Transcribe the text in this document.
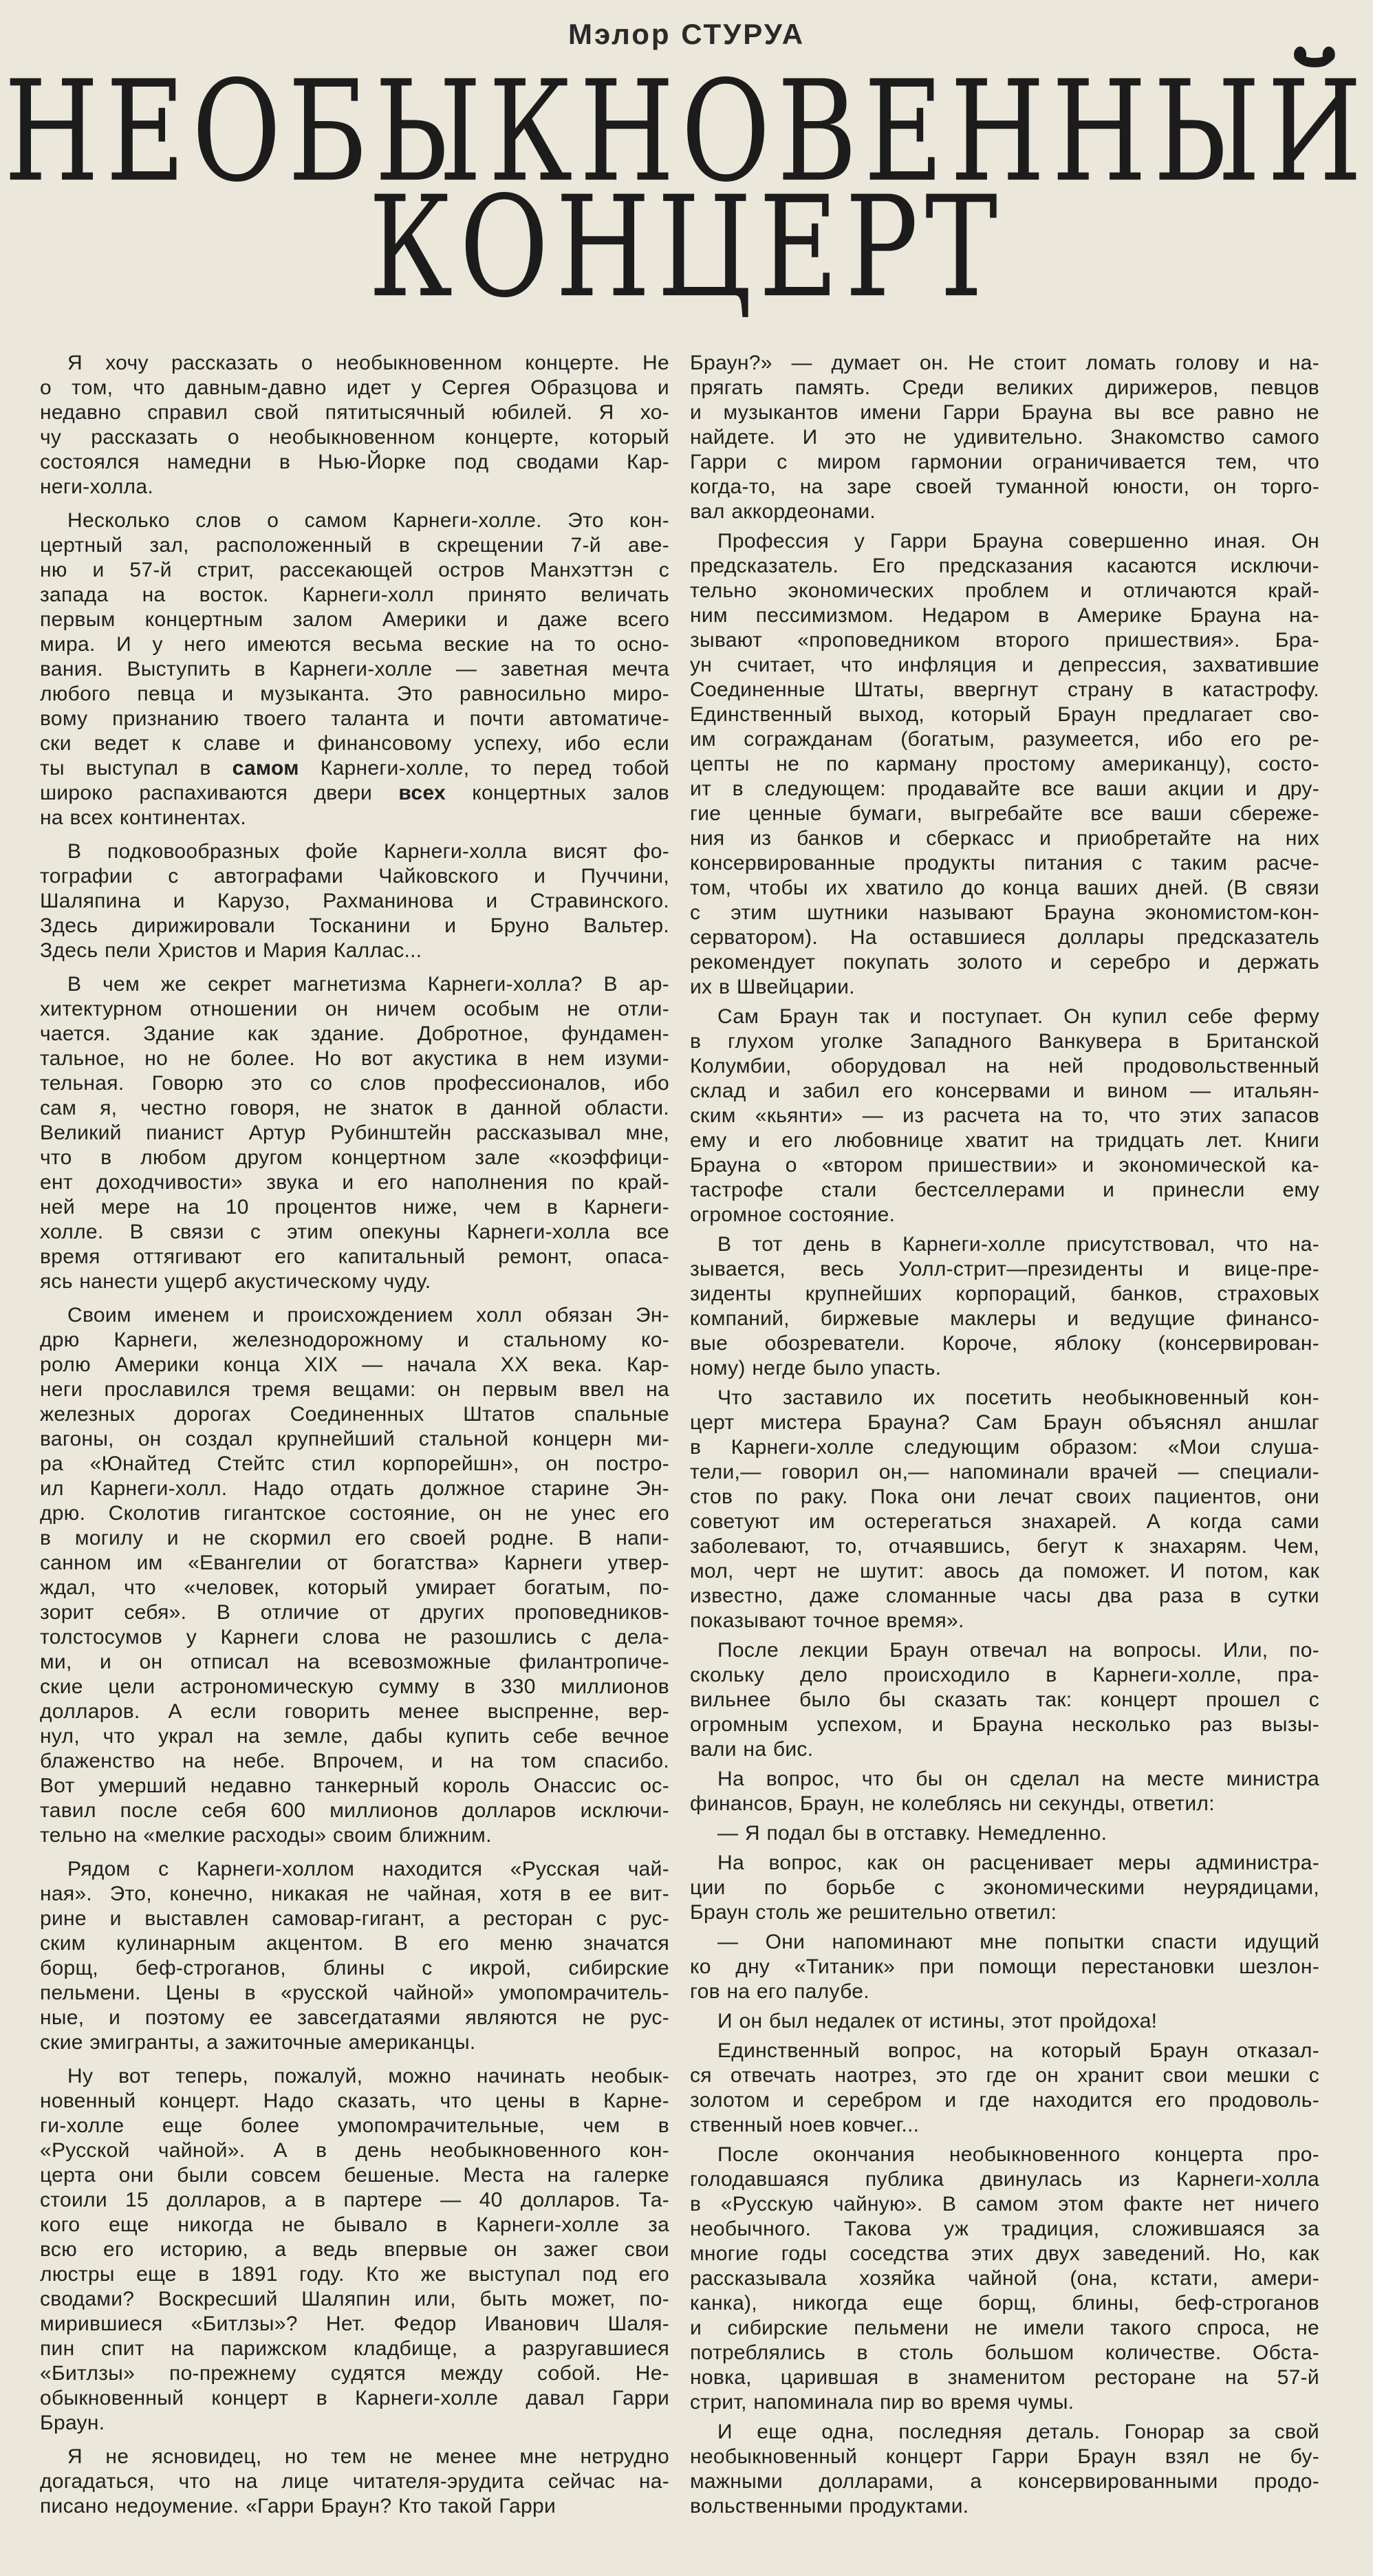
Мэлор СТУРУА
НЕОБЫКНОВЕННЫЙ
КОНЦЕРТ
Я хочу рассказать о необыкновенном концерте. Не
о том, что давным-давно идет у Сергея Образцова и
недавно справил свой пятитысячный юбилей. Я хо-
чу рассказать о необыкновенном концерте, который
состоялся намедни в Нью-Йорке под сводами Кар-
неги-холла.
Несколько слов о самом Карнеги-холле. Это кон-
цертный зал, расположенный в скрещении 7-й аве-
ню и 57-й стрит, рассекающей остров Манхэттэн с
запада на восток. Карнеги-холл принято величать
первым концертным залом Америки и даже всего
мира. И у него имеются весьма веские на то осно-
вания. Выступить в Карнеги-холле — заветная мечта
любого певца и музыканта. Это равносильно миро-
вому признанию твоего таланта и почти автоматиче-
ски ведет к славе и финансовому успеху, ибо если
ты выступал в самом Карнеги-холле, то перед тобой
широко распахиваются двери всех концертных залов
на всех континентах.
В подковообразных фойе Карнеги-холла висят фо-
тографии с автографами Чайковского и Пуччини,
Шаляпина и Карузо, Рахманинова и Стравинского.
Здесь дирижировали Тосканини и Бруно Вальтер.
Здесь пели Христов и Мария Каллас...
В чем же секрет магнетизма Карнеги-холла? В ар-
хитектурном отношении он ничем особым не отли-
чается. Здание как здание. Добротное, фундамен-
тальное, но не более. Но вот акустика в нем изуми-
тельная. Говорю это со слов профессионалов, ибо
сам я, честно говоря, не знаток в данной области.
Великий пианист Артур Рубинштейн рассказывал мне,
что в любом другом концертном зале «коэффици-
ент доходчивости» звука и его наполнения по край-
ней мере на 10 процентов ниже, чем в Карнеги-
холле. В связи с этим опекуны Карнеги-холла все
время оттягивают его капитальный ремонт, опаса-
ясь нанести ущерб акустическому чуду.
Своим именем и происхождением холл обязан Эн-
дрю Карнеги, железнодорожному и стальному ко-
ролю Америки конца XIX — начала XX века. Кар-
неги прославился тремя вещами: он первым ввел на
железных дорогах Соединенных Штатов спальные
вагоны, он создал крупнейший стальной концерн ми-
ра «Юнайтед Стейтс стил корпорейшн», он постро-
ил Карнеги-холл. Надо отдать должное старине Эн-
дрю. Сколотив гигантское состояние, он не унес его
в могилу и не скормил его своей родне. В напи-
санном им «Евангелии от богатства» Карнеги утвер-
ждал, что «человек, который умирает богатым, по-
зорит себя». В отличие от других проповедников-
толстосумов у Карнеги слова не разошлись с дела-
ми, и он отписал на всевозможные филантропиче-
ские цели астрономическую сумму в 330 миллионов
долларов. А если говорить менее выспренне, вер-
нул, что украл на земле, дабы купить себе вечное
блаженство на небе. Впрочем, и на том спасибо.
Вот умерший недавно танкерный король Онассис ос-
тавил после себя 600 миллионов долларов исключи-
тельно на «мелкие расходы» своим ближним.
Рядом с Карнеги-холлом находится «Русская чай-
ная». Это, конечно, никакая не чайная, хотя в ее вит-
рине и выставлен самовар-гигант, а ресторан с рус-
ским кулинарным акцентом. В его меню значатся
борщ, беф-строганов, блины с икрой, сибирские
пельмени. Цены в «русской чайной» умопомрачитель-
ные, и поэтому ее завсегдатаями являются не рус-
ские эмигранты, а зажиточные американцы.
Ну вот теперь, пожалуй, можно начинать необык-
новенный концерт. Надо сказать, что цены в Карне-
ги-холле еще более умопомрачительные, чем в
«Русской чайной». А в день необыкновенного кон-
церта они были совсем бешеные. Места на галерке
стоили 15 долларов, а в партере — 40 долларов. Та-
кого еще никогда не бывало в Карнеги-холле за
всю его историю, а ведь впервые он зажег свои
люстры еще в 1891 году. Кто же выступал под его
сводами? Воскресший Шаляпин или, быть может, по-
мирившиеся «Битлзы»? Нет. Федор Иванович Шаля-
пин спит на парижском кладбище, а разругавшиеся
«Битлзы» по-прежнему судятся между собой. Не-
обыкновенный концерт в Карнеги-холле давал Гарри
Браун.
Я не ясновидец, но тем не менее мне нетрудно
догадаться, что на лице читателя-эрудита сейчас на-
писано недоумение. «Гарри Браун? Кто такой Гарри
Браун?» — думает он. Не стоит ломать голову и на-
прягать память. Среди великих дирижеров, певцов
и музыкантов имени Гарри Брауна вы все равно не
найдете. И это не удивительно. Знакомство самого
Гарри с миром гармонии ограничивается тем, что
когда-то, на заре своей туманной юности, он торго-
вал аккордеонами.
Профессия у Гарри Брауна совершенно иная. Он
предсказатель. Его предсказания касаются исключи-
тельно экономических проблем и отличаются край-
ним пессимизмом. Недаром в Америке Брауна на-
зывают «проповедником второго пришествия». Бра-
ун считает, что инфляция и депрессия, захватившие
Соединенные Штаты, ввергнут страну в катастрофу.
Единственный выход, который Браун предлагает сво-
им согражданам (богатым, разумеется, ибо его ре-
цепты не по карману простому американцу), состо-
ит в следующем: продавайте все ваши акции и дру-
гие ценные бумаги, выгребайте все ваши сбереже-
ния из банков и сберкасс и приобретайте на них
консервированные продукты питания с таким расче-
том, чтобы их хватило до конца ваших дней. (В связи
с этим шутники называют Брауна экономистом-кон-
серватором). На оставшиеся доллары предсказатель
рекомендует покупать золото и серебро и держать
их в Швейцарии.
Сам Браун так и поступает. Он купил себе ферму
в глухом уголке Западного Ванкувера в Британской
Колумбии, оборудовал на ней продовольственный
склад и забил его консервами и вином — итальян-
ским «кьянти» — из расчета на то, что этих запасов
ему и его любовнице хватит на тридцать лет. Книги
Брауна о «втором пришествии» и экономической ка-
тастрофе стали бестселлерами и принесли ему
огромное состояние.
В тот день в Карнеги-холле присутствовал, что на-
зывается, весь Уолл-стрит—президенты и вице-пре-
зиденты крупнейших корпораций, банков, страховых
компаний, биржевые маклеры и ведущие финансо-
вые обозреватели. Короче, яблоку (консервирован-
ному) негде было упасть.
Что заставило их посетить необыкновенный кон-
церт мистера Брауна? Сам Браун объяснял аншлаг
в Карнеги-холле следующим образом: «Мои слуша-
тели,— говорил он,— напоминали врачей — специали-
стов по раку. Пока они лечат своих пациентов, они
советуют им остерегаться знахарей. А когда сами
заболевают, то, отчаявшись, бегут к знахарям. Чем,
мол, черт не шутит: авось да поможет. И потом, как
известно, даже сломанные часы два раза в сутки
показывают точное время».
После лекции Браун отвечал на вопросы. Или, по-
скольку дело происходило в Карнеги-холле, пра-
вильнее было бы сказать так: концерт прошел с
огромным успехом, и Брауна несколько раз вызы-
вали на бис.
На вопрос, что бы он сделал на месте министра
финансов, Браун, не колеблясь ни секунды, ответил:
— Я подал бы в отставку. Немедленно.
На вопрос, как он расценивает меры администра-
ции по борьбе с экономическими неурядицами,
Браун столь же решительно ответил:
— Они напоминают мне попытки спасти идущий
ко дну «Титаник» при помощи перестановки шезлон-
гов на его палубе.
И он был недалек от истины, этот пройдоха!
Единственный вопрос, на который Браун отказал-
ся отвечать наотрез, это где он хранит свои мешки с
золотом и серебром и где находится его продоволь-
ственный ноев ковчег...
После окончания необыкновенного концерта про-
голодавшаяся публика двинулась из Карнеги-холла
в «Русскую чайную». В самом этом факте нет ничего
необычного. Такова уж традиция, сложившаяся за
многие годы соседства этих двух заведений. Но, как
рассказывала хозяйка чайной (она, кстати, амери-
канка), никогда еще борщ, блины, беф-строганов
и сибирские пельмени не имели такого спроса, не
потреблялись в столь большом количестве. Обста-
новка, царившая в знаменитом ресторане на 57-й
стрит, напоминала пир во время чумы.
И еще одна, последняя деталь. Гонорар за свой
необыкновенный концерт Гарри Браун взял не бу-
мажными долларами, а консервированными продо-
вольственными продуктами.
